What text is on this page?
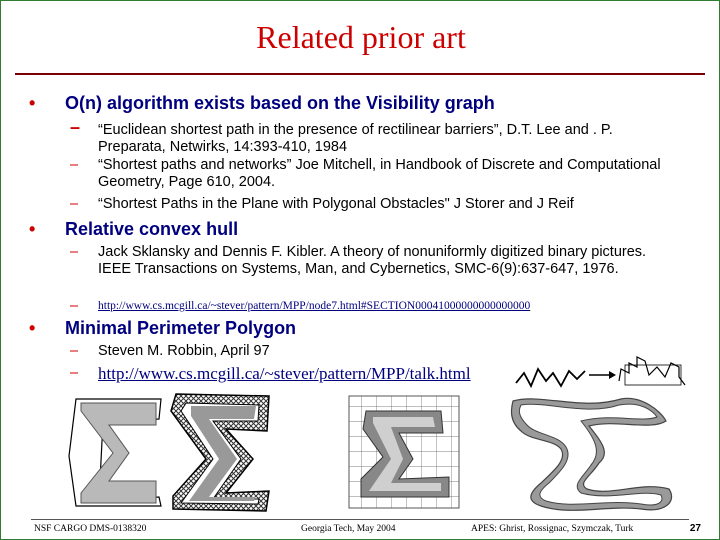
Related prior art
• O(n) algorithm exists based on the Visibility graph
– “Euclidean shortest path in the presence of rectilinear barriers”, D.T. Lee and . P. Preparata, Netwirks, 14:393-410, 1984
– “Shortest paths and networks” Joe Mitchell, in Handbook of Discrete and Computational Geometry, Page 610, 2004.
– “Shortest Paths in the Plane with Polygonal Obstacles" J Storer and J Reif
• Relative convex hull
– Jack Sklansky and Dennis F. Kibler. A theory of nonuniformly digitized binary pictures. IEEE Transactions on Systems, Man, and Cybernetics, SMC-6(9):637-647, 1976.
– http://www.cs.mcgill.ca/~stever/pattern/MPP/node7.html#SECTION00041000000000000000
• Minimal Perimeter Polygon
– Steven M. Robbin, April 97
– http://www.cs.mcgill.ca/~stever/pattern/MPP/talk.html
NSF CARGO DMS-0138320	Georgia Tech, May 2004	APES: Ghrist, Rossignac, Szymczak, Turk	27
